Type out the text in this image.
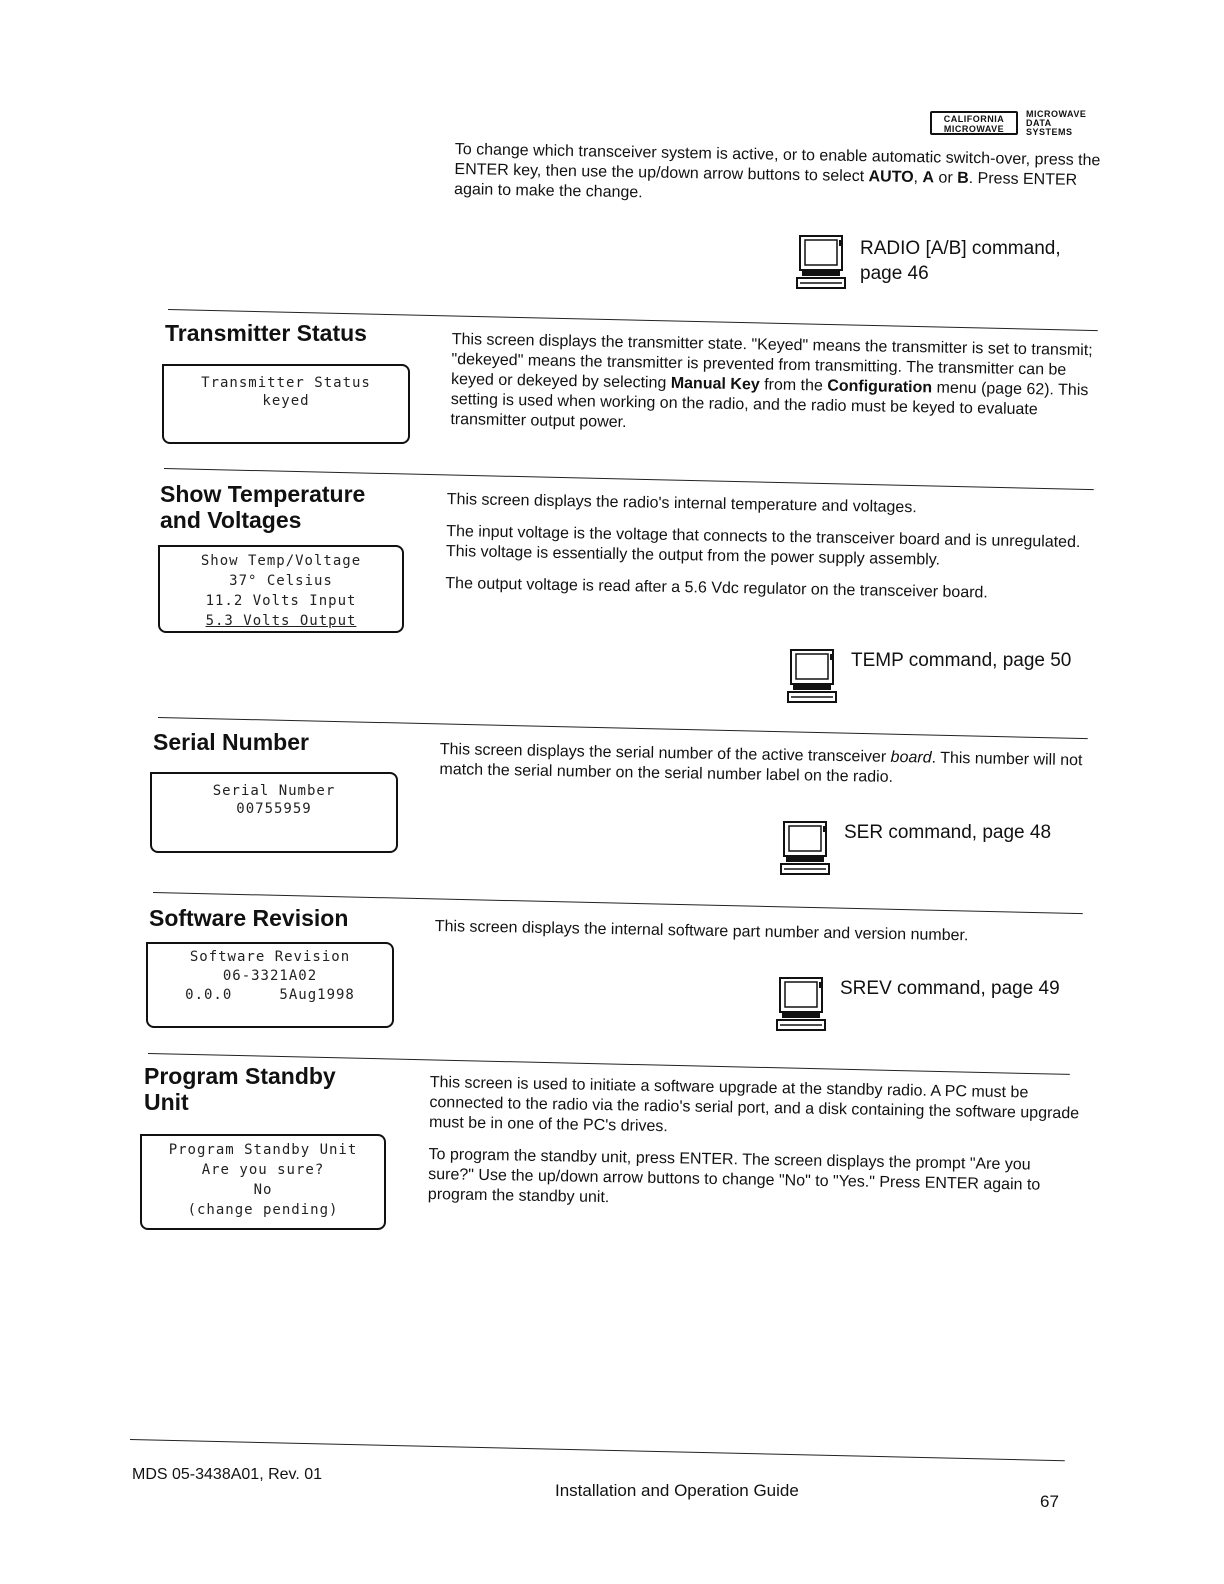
CALIFORNIA
MICROWAVE
MICROWAVE
DATA
SYSTEMS
To change which transceiver system is active, or to enable automatic switch-over, press the ENTER key, then use the up/down arrow buttons to select AUTO, A or B. Press ENTER again to make the change.
RADIO [A/B] command,
page 46
Transmitter Status
Transmitter Status
keyed

This screen displays the transmitter state. "Keyed" means the transmitter is set to transmit; "dekeyed" means the transmitter is prevented from transmitting. The transmitter can be keyed or dekeyed by selecting Manual Key from the Configuration menu (page 62). This setting is used when working on the radio, and the radio must be keyed to evaluate transmitter output power.

Show Temperature
and Voltages
Show Temp/Voltage
37° Celsius
11.2 Volts Input
5.3 Volts Output

This screen displays the radio's internal temperature and voltages.

The input voltage is the voltage that connects to the transceiver board and is unregulated. This voltage is essentially the output from the power supply assembly.

The output voltage is read after a 5.6 Vdc regulator on the transceiver board.

TEMP command, page 50
Serial Number
Serial Number
00755959

This screen displays the serial number of the active transceiver board. This number will not match the serial number on the serial number label on the radio.

SER command, page 48
Software Revision
Software Revision
06-3321A02
0.0.0     5Aug1998

This screen displays the internal software part number and version number.

SREV command, page 49
Program Standby
Unit
Program Standby Unit
Are you sure?
No
(change pending)

This screen is used to initiate a software upgrade at the standby radio. A PC must be connected to the radio via the radio's serial port, and a disk containing the software upgrade must be in one of the PC's drives.

To program the standby unit, press ENTER. The screen displays the prompt "Are you sure?" Use the up/down arrow buttons to change "No" to "Yes." Press ENTER again to program the standby unit.

MDS 05-3438A01, Rev. 01
Installation and Operation Guide
67
